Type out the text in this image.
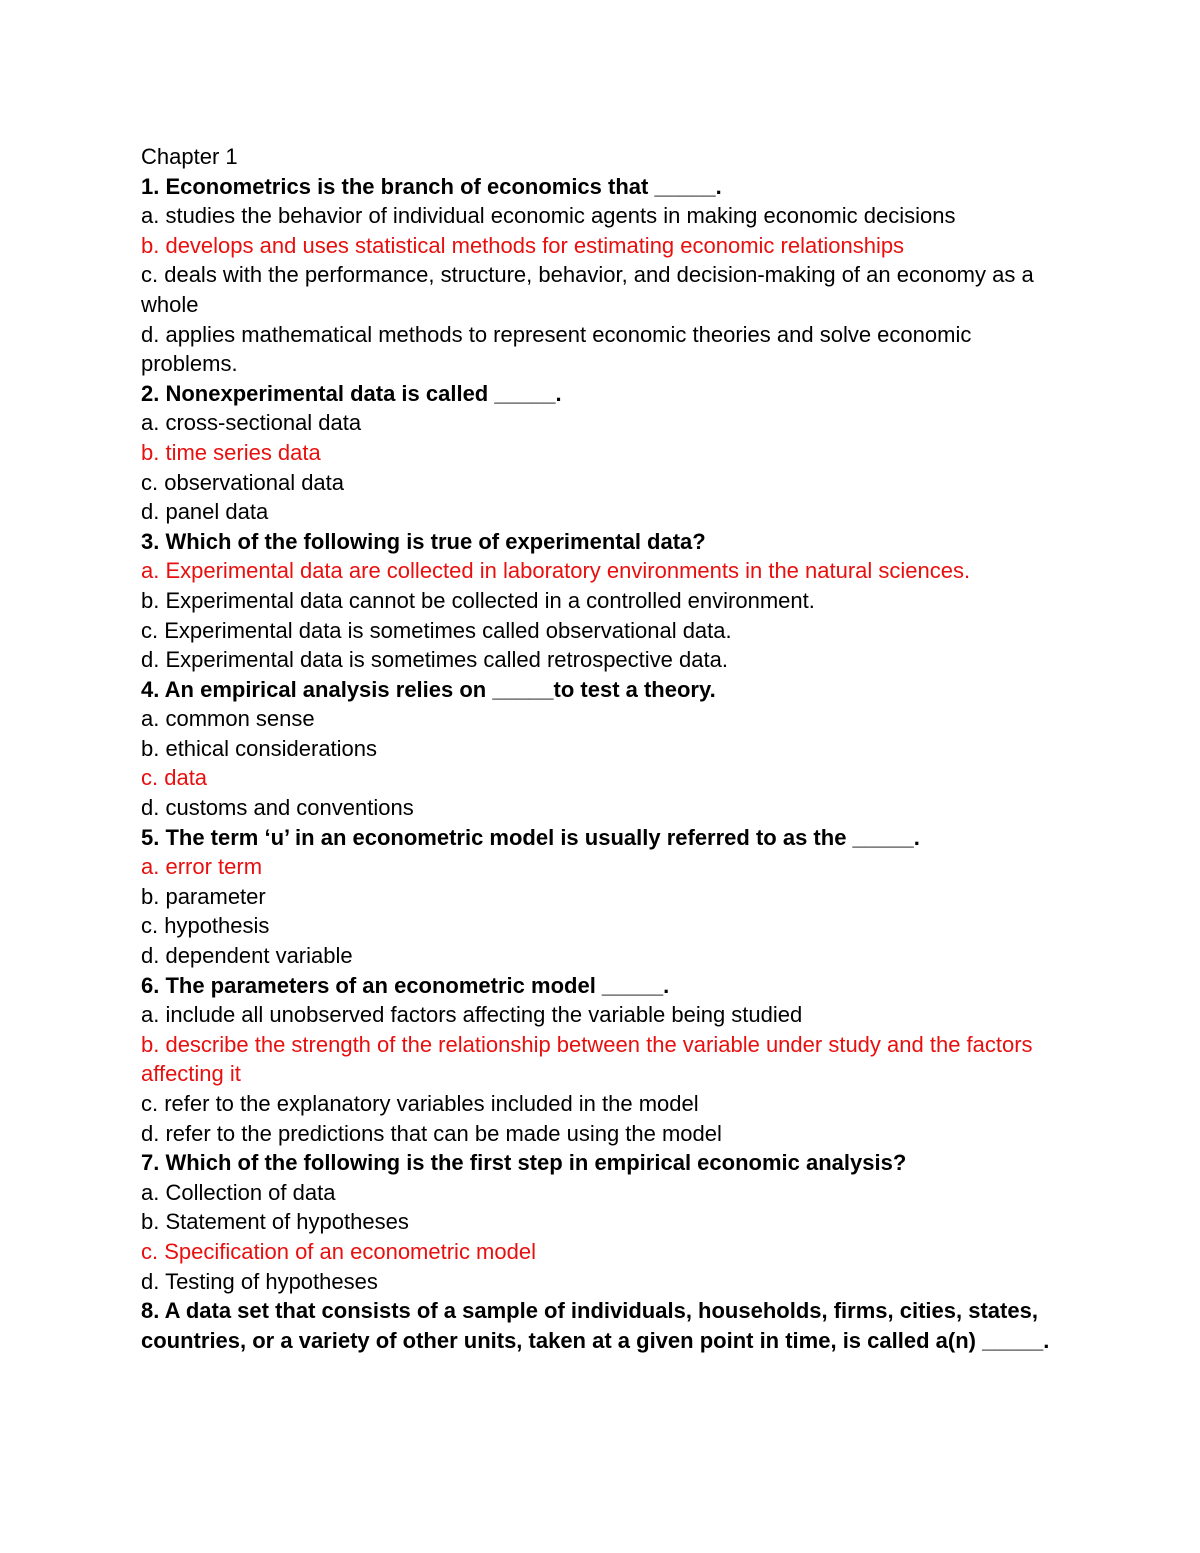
Chapter 1

1. Econometrics is the branch of economics that _____.

a. studies the behavior of individual economic agents in making economic decisions

b. develops and uses statistical methods for estimating economic relationships

c. deals with the performance, structure, behavior, and decision-making of an economy as a whole

d. applies mathematical methods to represent economic theories and solve economic problems.

2. Nonexperimental data is called _____.

a. cross-sectional data

b. time series data

c. observational data

d. panel data

3. Which of the following is true of experimental data?

a. Experimental data are collected in laboratory environments in the natural sciences.

b. Experimental data cannot be collected in a controlled environment.

c. Experimental data is sometimes called observational data.

d. Experimental data is sometimes called retrospective data.

4. An empirical analysis relies on _____to test a theory.

a. common sense

b. ethical considerations

c. data

d. customs and conventions

5. The term ‘u’ in an econometric model is usually referred to as the _____.

a. error term

b. parameter

c. hypothesis

d. dependent variable

6. The parameters of an econometric model _____.

a. include all unobserved factors affecting the variable being studied

b. describe the strength of the relationship between the variable under study and the factors affecting it

c. refer to the explanatory variables included in the model

d. refer to the predictions that can be made using the model

7. Which of the following is the first step in empirical economic analysis?

a. Collection of data

b. Statement of hypotheses

c. Specification of an econometric model

d. Testing of hypotheses

8. A data set that consists of a sample of individuals, households, firms, cities, states, countries, or a variety of other units, taken at a given point in time, is called a(n) _____.
